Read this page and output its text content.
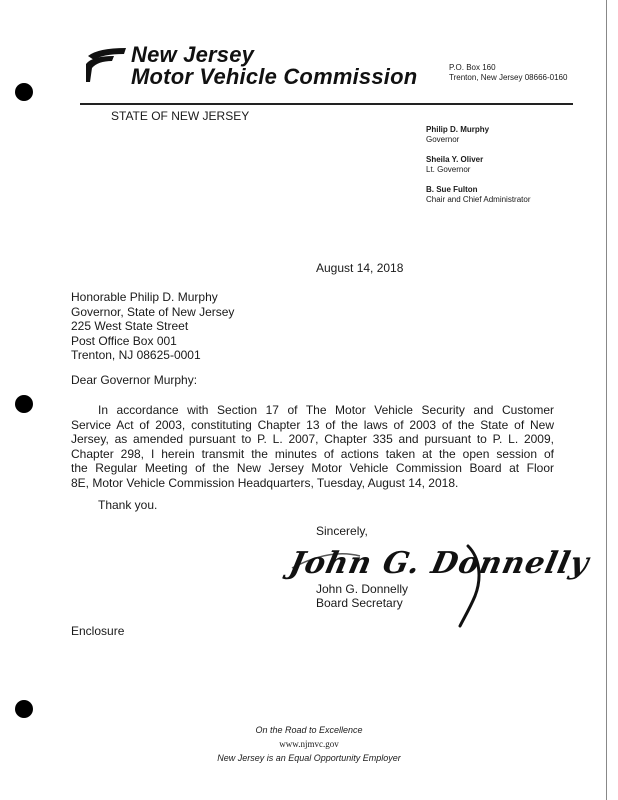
New Jersey
Motor Vehicle Commission	P.O. Box 160
Trenton, New Jersey 08666-0160
STATE OF NEW JERSEY
Philip D. Murphy
Governor
Sheila Y. Oliver
Lt. Governor
B. Sue Fulton
Chair and Chief Administrator
August 14, 2018
Honorable Philip D. Murphy
Governor, State of New Jersey
225 West State Street
Post Office Box 001
Trenton, NJ 08625-0001
Dear Governor Murphy:
In accordance with Section 17 of The Motor Vehicle Security and Customer
Service Act of 2003, constituting Chapter 13 of the laws of 2003 of the State of New
Jersey, as amended pursuant to P. L. 2007, Chapter 335 and pursuant to P. L. 2009,
Chapter 298, I herein transmit the minutes of actions taken at the open session of
the Regular Meeting of the New Jersey Motor Vehicle Commission Board at Floor
8E, Motor Vehicle Commission Headquarters, Tuesday, August 14, 2018.
Thank you.
Sincerely,
John G. Donnelly
John G. Donnelly
Board Secretary
Enclosure
On the Road to Excellence
www.njmvc.gov
New Jersey is an Equal Opportunity Employer
